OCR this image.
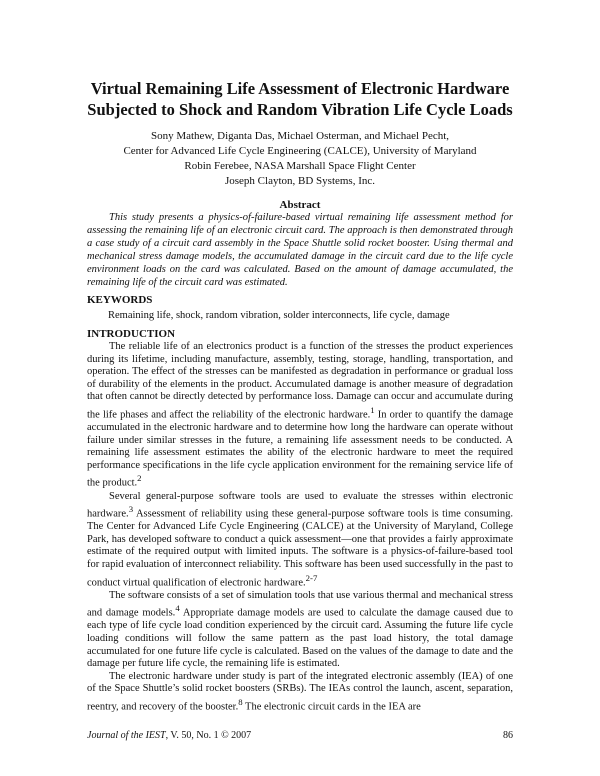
Virtual Remaining Life Assessment of Electronic Hardware
Subjected to Shock and Random Vibration Life Cycle Loads
Sony Mathew, Diganta Das, Michael Osterman, and Michael Pecht,
Center for Advanced Life Cycle Engineering (CALCE), University of Maryland
Robin Ferebee, NASA Marshall Space Flight Center
Joseph Clayton, BD Systems, Inc.
Abstract

This study presents a physics-of-failure-based virtual remaining life assessment method for assessing the remaining life of an electronic circuit card. The approach is then demonstrated through a case study of a circuit card assembly in the Space Shuttle solid rocket booster. Using thermal and mechanical stress damage models, the accumulated damage in the circuit card due to the life cycle environment loads on the card was calculated. Based on the amount of damage accumulated, the remaining life of the circuit card was estimated.

KEYWORDS
Remaining life, shock, random vibration, solder interconnects, life cycle, damage
INTRODUCTION

The reliable life of an electronics product is a function of the stresses the product experiences during its lifetime, including manufacture, assembly, testing, storage, handling, transportation, and operation. The effect of the stresses can be manifested as degradation in performance or gradual loss of durability of the elements in the product. Accumulated damage is another measure of degradation that often cannot be directly detected by performance loss. Damage can occur and accumulate during the life phases and affect the reliability of the electronic hardware.$^1$ In order to quantify the damage accumulated in the electronic hardware and to determine how long the hardware can operate without failure under similar stresses in the future, a remaining life assessment needs to be conducted. A remaining life assessment estimates the ability of the electronic hardware to meet the required performance specifications in the life cycle application environment for the remaining service life of the product.$^2$

Several general-purpose software tools are used to evaluate the stresses within electronic hardware.$^3$ Assessment of reliability using these general-purpose software tools is time consuming. The Center for Advanced Life Cycle Engineering (CALCE) at the University of Maryland, College Park, has developed software to conduct a quick assessment—one that provides a fairly approximate estimate of the required output with limited inputs. The software is a physics-of-failure-based tool for rapid evaluation of interconnect reliability. This software has been used successfully in the past to conduct virtual qualification of electronic hardware.$^{2-7}$

The software consists of a set of simulation tools that use various thermal and mechanical stress and damage models.$^4$ Appropriate damage models are used to calculate the damage caused due to each type of life cycle load condition experienced by the circuit card. Assuming the future life cycle loading conditions will follow the same pattern as the past load history, the total damage accumulated for one future life cycle is calculated. Based on the values of the damage to date and the damage per future life cycle, the remaining life is estimated.

The electronic hardware under study is part of the integrated electronic assembly (IEA) of one of the Space Shuttle’s solid rocket boosters (SRBs). The IEAs control the launch, ascent, separation, reentry, and recovery of the booster.$^8$ The electronic circuit cards in the IEA are

Journal of the IEST, V. 50, No. 1 © 2007	86
